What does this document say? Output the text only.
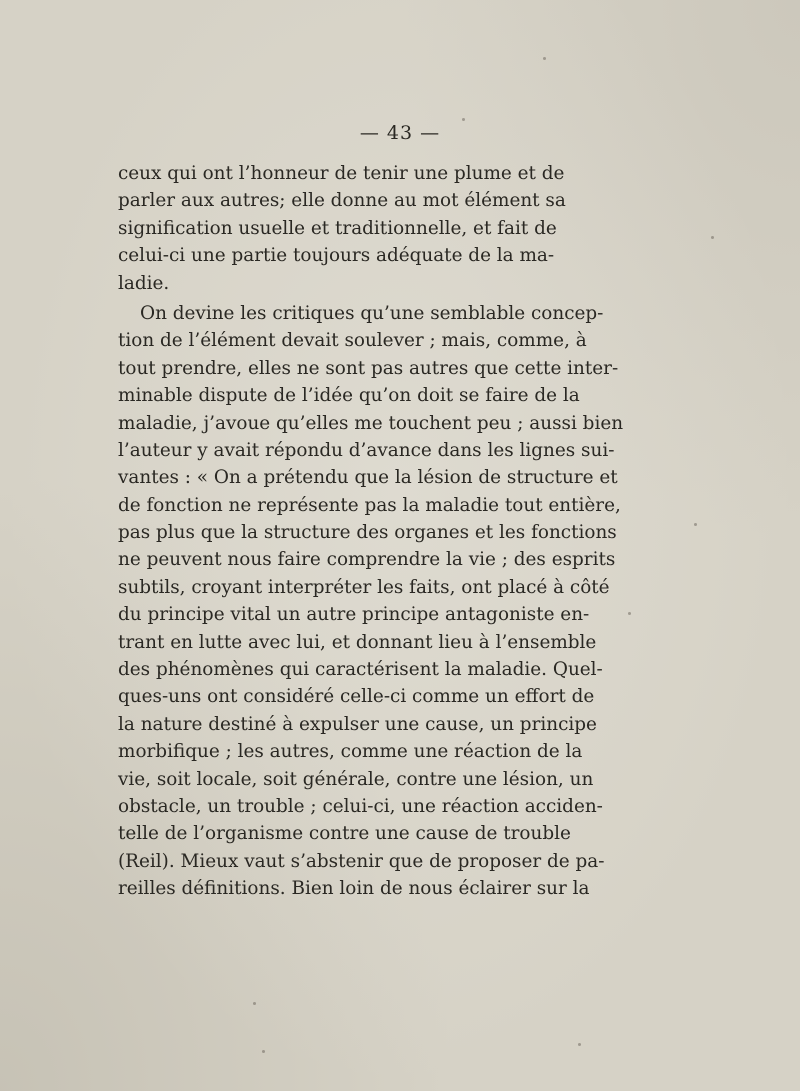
— 43 —
ceux qui ont l’honneur de tenir une plume et de
parler aux autres; elle donne au mot élément sa
signification usuelle et traditionnelle, et fait de
celui-ci une partie toujours adéquate de la ma-
ladie.
On devine les critiques qu’une semblable concep-
tion de l’élément devait soulever ; mais, comme, à
tout prendre, elles ne sont pas autres que cette inter-
minable dispute de l’idée qu’on doit se faire de la
maladie, j’avoue qu’elles me touchent peu ; aussi bien
l’auteur y avait répondu d’avance dans les lignes sui-
vantes : « On a prétendu que la lésion de structure et
de fonction ne représente pas la maladie tout entière,
pas plus que la structure des organes et les fonctions
ne peuvent nous faire comprendre la vie ; des esprits
subtils, croyant interpréter les faits, ont placé à côté
du principe vital un autre principe antagoniste en-
trant en lutte avec lui, et donnant lieu à l’ensemble
des phénomènes qui caractérisent la maladie. Quel-
ques-uns ont considéré celle-ci comme un effort de
la nature destiné à expulser une cause, un principe
morbifique ; les autres, comme une réaction de la
vie, soit locale, soit générale, contre une lésion, un
obstacle, un trouble ; celui-ci, une réaction acciden-
telle de l’organisme contre une cause de trouble
(Reil). Mieux vaut s’abstenir que de proposer de pa-
reilles définitions. Bien loin de nous éclairer sur la
